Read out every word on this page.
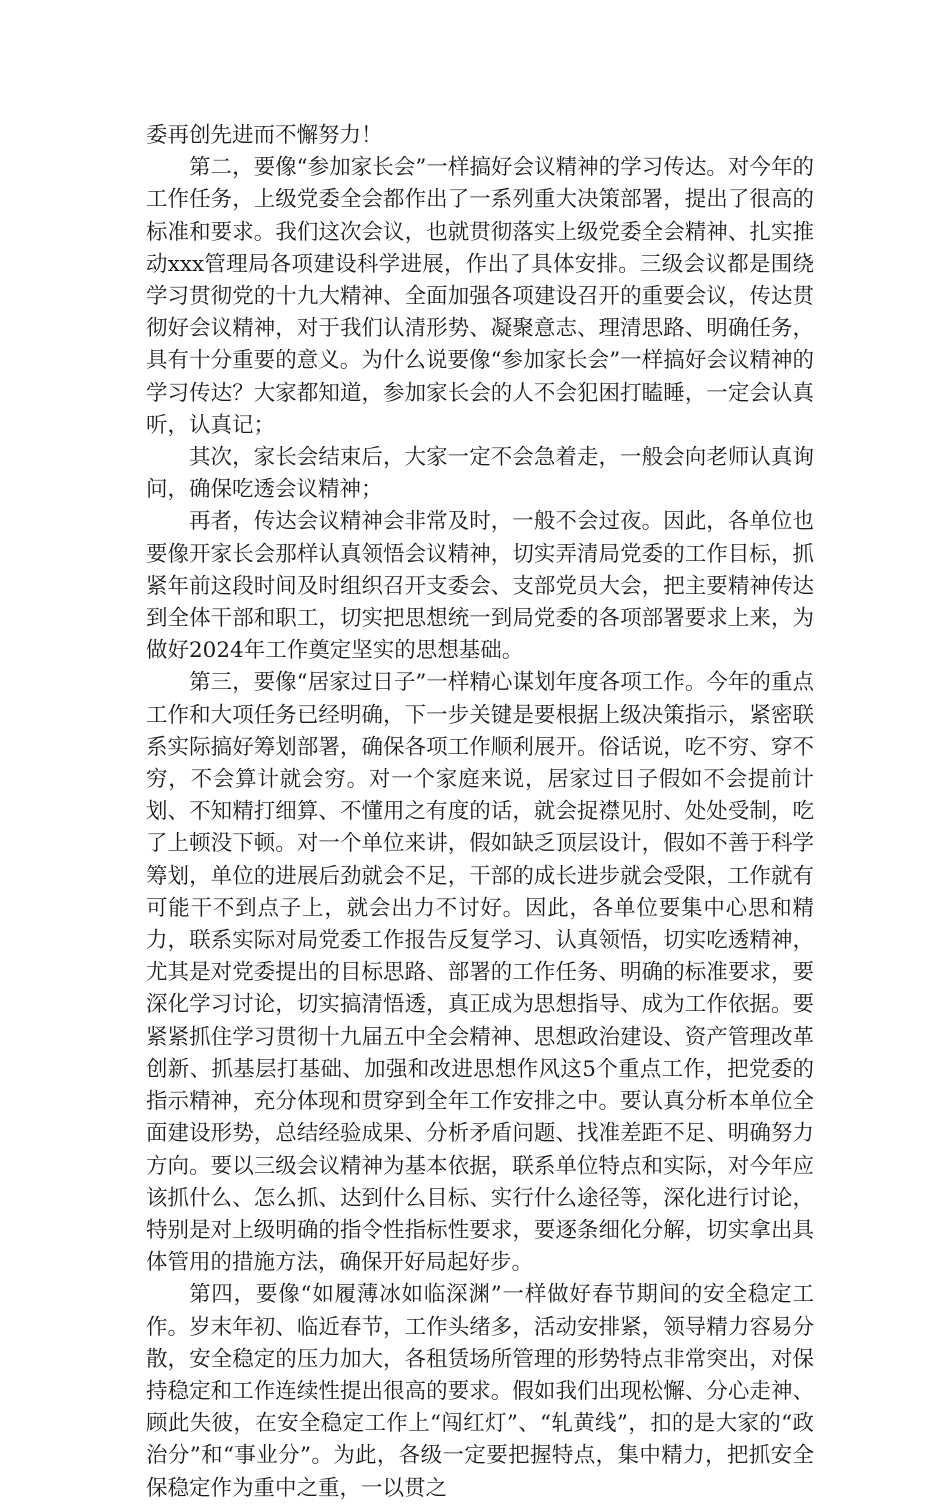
委再创先进而不懈努力！

第二，要像“参加家长会”一样搞好会议精神的学习传达。对今年的工作任务，上级党委全会都作出了一系列重大决策部署，提出了很高的标准和要求。我们这次会议，也就贯彻落实上级党委全会精神、扎实推动xxx管理局各项建设科学进展，作出了具体安排。三级会议都是围绕学习贯彻党的十九大精神、全面加强各项建设召开的重要会议，传达贯彻好会议精神，对于我们认清形势、凝聚意志、理清思路、明确任务，具有十分重要的意义。为什么说要像“参加家长会”一样搞好会议精神的学习传达？大家都知道，参加家长会的人不会犯困打瞌睡，一定会认真听，认真记；

其次，家长会结束后，大家一定不会急着走，一般会向老师认真询问，确保吃透会议精神；

再者，传达会议精神会非常及时，一般不会过夜。因此，各单位也要像开家长会那样认真领悟会议精神，切实弄清局党委的工作目标，抓紧年前这段时间及时组织召开支委会、支部党员大会，把主要精神传达到全体干部和职工，切实把思想统一到局党委的各项部署要求上来，为做好2024年工作奠定坚实的思想基础。

第三，要像“居家过日子”一样精心谋划年度各项工作。今年的重点工作和大项任务已经明确，下一步关键是要根据上级决策指示，紧密联系实际搞好筹划部署，确保各项工作顺利展开。俗话说，吃不穷、穿不穷，不会算计就会穷。对一个家庭来说，居家过日子假如不会提前计划、不知精打细算、不懂用之有度的话，就会捉襟见肘、处处受制，吃了上顿没下顿。对一个单位来讲，假如缺乏顶层设计，假如不善于科学筹划，单位的进展后劲就会不足，干部的成长进步就会受限，工作就有可能干不到点子上，就会出力不讨好。因此，各单位要集中心思和精力，联系实际对局党委工作报告反复学习、认真领悟，切实吃透精神，尤其是对党委提出的目标思路、部署的工作任务、明确的标准要求，要深化学习讨论，切实搞清悟透，真正成为思想指导、成为工作依据。要紧紧抓住学习贯彻十九届五中全会精神、思想政治建设、资产管理改革创新、抓基层打基础、加强和改进思想作风这5个重点工作，把党委的指示精神，充分体现和贯穿到全年工作安排之中。要认真分析本单位全面建设形势，总结经验成果、分析矛盾问题、找准差距不足、明确努力方向。要以三级会议精神为基本依据，联系单位特点和实际，对今年应该抓什么、怎么抓、达到什么目标、实行什么途径等，深化进行讨论，特别是对上级明确的指令性指标性要求，要逐条细化分解，切实拿出具体管用的措施方法，确保开好局起好步。

第四，要像“如履薄冰如临深渊”一样做好春节期间的安全稳定工作。岁末年初、临近春节，工作头绪多，活动安排紧，领导精力容易分散，安全稳定的压力加大，各租赁场所管理的形势特点非常突出，对保持稳定和工作连续性提出很高的要求。假如我们出现松懈、分心走神、顾此失彼，在安全稳定工作上“闯红灯”、“轧黄线”，扣的是大家的“政治分”和“事业分”。为此，各级一定要把握特点，集中精力，把抓安全保稳定作为重中之重，一以贯之
